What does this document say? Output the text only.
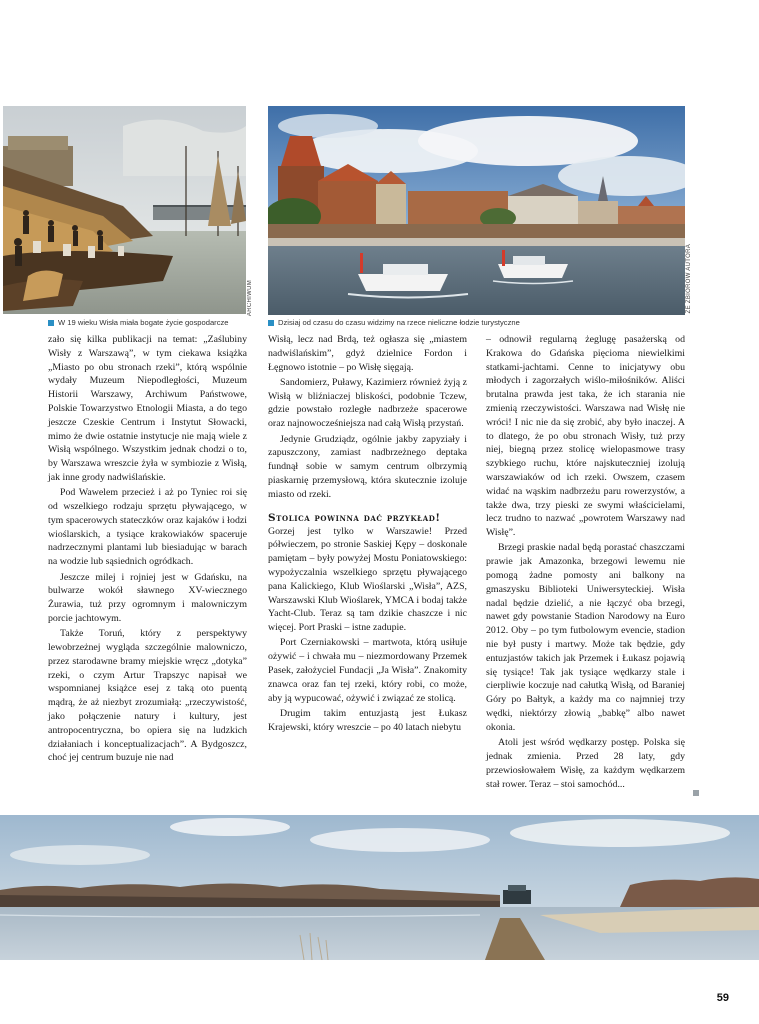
ARCHIWUM	ZE ZBIORÓW AUTORA
W 19 wieku Wisła miała bogate życie gospodarcze	Dzisiaj od czasu do czasu widzimy na rzece nieliczne łodzie turystyczne

zało się kilka publikacji na temat: „Zaślubiny Wisły z Warszawą”, w tym ciekawa książka „Miasto po obu stronach rzeki”, którą wspólnie wydały Muzeum Niepodległości, Muzeum Historii Warszawy, Archiwum Państwowe, Polskie Towarzystwo Etnologii Miasta, a do tego jeszcze Czeskie Centrum i Instytut Słowacki, mimo że dwie ostatnie instytucje nie mają wiele z Wisłą wspólnego. Wszystkim jednak chodzi o to, by Warszawa wreszcie żyła w symbiozie z Wisłą, jak inne grody nadwiślańskie.

Pod Wawelem przecież i aż po Tyniec roi się od wszelkiego rodzaju sprzętu pływającego, w tym spacerowych stateczków oraz kajaków i łodzi wioślarskich, a tysiące krakowiaków spaceruje nadrzecznymi plantami lub biesiadując w barach na wodzie lub sąsiednich ogródkach.

Jeszcze milej i rojniej jest w Gdańsku, na bulwarze wokół sławnego XV-wiecznego Żurawia, tuż przy ogromnym i malowniczym porcie jachtowym.

Także Toruń, który z perspektywy lewobrzeżnej wygląda szczególnie malowniczo, przez starodawne bramy miejskie wręcz „dotyka” rzeki, o czym Artur Trapszyc napisał we wspomnianej książce esej z taką oto puentą mądrą, że aż niezbyt zrozumiałą: „rzeczywistość, jako połączenie natury i kultury, jest antropocentryczna, bo opiera się na ludzkich działaniach i konceptualizacjach”. A Bydgoszcz, choć jej centrum buzuje nie nad

Wisłą, lecz nad Brdą, też ogłasza się „miastem nadwiślańskim”, gdyż dzielnice Fordon i Łęgnowo istotnie – po Wisłę sięgają.

Sandomierz, Puławy, Kazimierz również żyją z Wisłą w bliźniaczej bliskości, podobnie Tczew, gdzie powstało rozległe nadbrzeże spacerowe oraz najnowocześniejsza nad całą Wisłą przystań.

Jedynie Grudziądz, ogólnie jakby zapyziały i zapuszczony, zamiast nadbrzeżnego deptaka fundnął sobie w samym centrum olbrzymią piaskarnię przemysłową, która skutecznie izoluje miasto od rzeki.

Stolica powinna dać przykład!

Gorzej jest tylko w Warszawie! Przed półwieczem, po stronie Saskiej Kępy – doskonale pamiętam – były powyżej Mostu Poniatowskiego: wypożyczalnia wszelkiego sprzętu pływającego pana Kalickiego, Klub Wioślarski „Wisła”, AZS, Warszawski Klub Wioślarek, YMCA i bodaj także Yacht-Club. Teraz są tam dzikie chaszcze i nic więcej. Port Praski – istne zadupie.

Port Czerniakowski – martwota, którą usiłuje ożywić – i chwała mu – niezmordowany Przemek Pasek, założyciel Fundacji „Ja Wisła”. Znakomity znawca oraz fan tej rzeki, który robi, co może, aby ją wypucować, ożywić i związać ze stolicą.

Drugim takim entuzjastą jest Łukasz Krajewski, który wreszcie – po 40 latach niebytu

– odnowił regularną żeglugę pasażerską od Krakowa do Gdańska pięcioma niewielkimi statkami-jachtami. Cenne to inicjatywy obu młodych i zagorzałych wiślo-miłośników. Aliści brutalna prawda jest taka, że ich starania nie zmienią rzeczywistości. Warszawa nad Wisłę nie wróci! I nic nie da się zrobić, aby było inaczej. A to dlatego, że po obu stronach Wisły, tuż przy niej, biegną przez stolicę wielopasmowe trasy szybkiego ruchu, które najskuteczniej izolują warszawiaków od ich rzeki. Owszem, czasem widać na wąskim nadbrzeżu paru rowerzystów, a także dwa, trzy pieski ze swymi właścicielami, lecz trudno to nazwać „powrotem Warszawy nad Wisłę”.

Brzegi praskie nadal będą porastać chaszczami prawie jak Amazonka, brzegowi lewemu nie pomogą żadne pomosty ani balkony na gmaszysku Biblioteki Uniwersyteckiej. Wisła nadal będzie dzielić, a nie łączyć oba brzegi, nawet gdy powstanie Stadion Narodowy na Euro 2012. Oby – po tym futbolowym evencie, stadion nie był pusty i martwy. Może tak będzie, gdy entuzjastów takich jak Przemek i Łukasz pojawią się tysiące! Tak jak tysiące wędkarzy stale i cierpliwie koczuje nad całutką Wisłą, od Baraniej Góry po Bałtyk, a każdy ma co najmniej trzy wędki, niektórzy złowią „babkę” albo nawet okonia.

Atoli jest wśród wędkarzy postęp. Polska się jednak zmienia. Przed 28 laty, gdy przewiosłowałem Wisłę, za każdym wędkarzem stał rower. Teraz – stoi samochód...

59
